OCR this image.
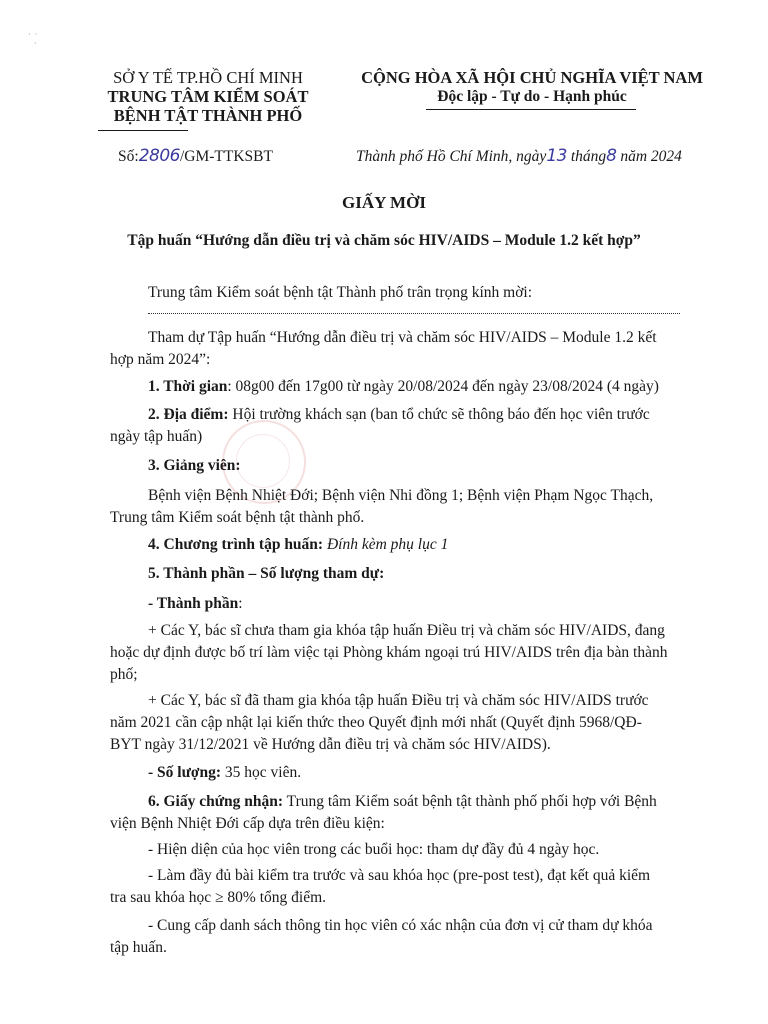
·  ·
·
SỞ Y TẾ TP.HỒ CHÍ MINH
TRUNG TÂM KIỂM SOÁT
BỆNH TẬT THÀNH PHỐ
CỘNG HÒA XÃ HỘI CHỦ NGHĨA VIỆT NAM
Độc lập - Tự do - Hạnh phúc
Số:2806/GM-TTKSBT	Thành phố Hồ Chí Minh, ngày13 tháng8 năm 2024
GIẤY MỜI
Tập huấn “Hướng dẫn điều trị và chăm sóc HIV/AIDS – Module 1.2 kết hợp”
Trung tâm Kiểm soát bệnh tật Thành phố trân trọng kính mời:
Tham dự Tập huấn “Hướng dẫn điều trị và chăm sóc HIV/AIDS – Module 1.2 kết
hợp năm 2024”:
1. Thời gian: 08g00 đến 17g00 từ ngày 20/08/2024 đến ngày 23/08/2024 (4 ngày)
2. Địa điểm: Hội trường khách sạn (ban tổ chức sẽ thông báo đến học viên trước
ngày tập huấn)
3. Giảng viên:
Bệnh viện Bệnh Nhiệt Đới; Bệnh viện Nhi đồng 1; Bệnh viện Phạm Ngọc Thạch,
Trung tâm Kiểm soát bệnh tật thành phố.
4. Chương trình tập huấn: Đính kèm phụ lục 1
5. Thành phần – Số lượng tham dự:
- Thành phần:
+ Các Y, bác sĩ chưa tham gia khóa tập huấn Điều trị và chăm sóc HIV/AIDS, đang
hoặc dự định được bố trí làm việc tại Phòng khám ngoại trú HIV/AIDS trên địa bàn thành
phố;
+ Các Y, bác sĩ đã tham gia khóa tập huấn Điều trị và chăm sóc HIV/AIDS trước
năm 2021 cần cập nhật lại kiến thức theo Quyết định mới nhất (Quyết định 5968/QĐ-
BYT ngày 31/12/2021 về Hướng dẫn điều trị và chăm sóc HIV/AIDS).
- Số lượng: 35 học viên.
6. Giấy chứng nhận: Trung tâm Kiểm soát bệnh tật thành phố phối hợp với Bệnh
viện Bệnh Nhiệt Đới cấp dựa trên điều kiện:
- Hiện diện của học viên trong các buổi học: tham dự đầy đủ 4 ngày học.
- Làm đầy đủ bài kiểm tra trước và sau khóa học (pre-post test), đạt kết quả kiểm
tra sau khóa học ≥ 80% tổng điểm.
- Cung cấp danh sách thông tin học viên có xác nhận của đơn vị cử tham dự khóa
tập huấn.
